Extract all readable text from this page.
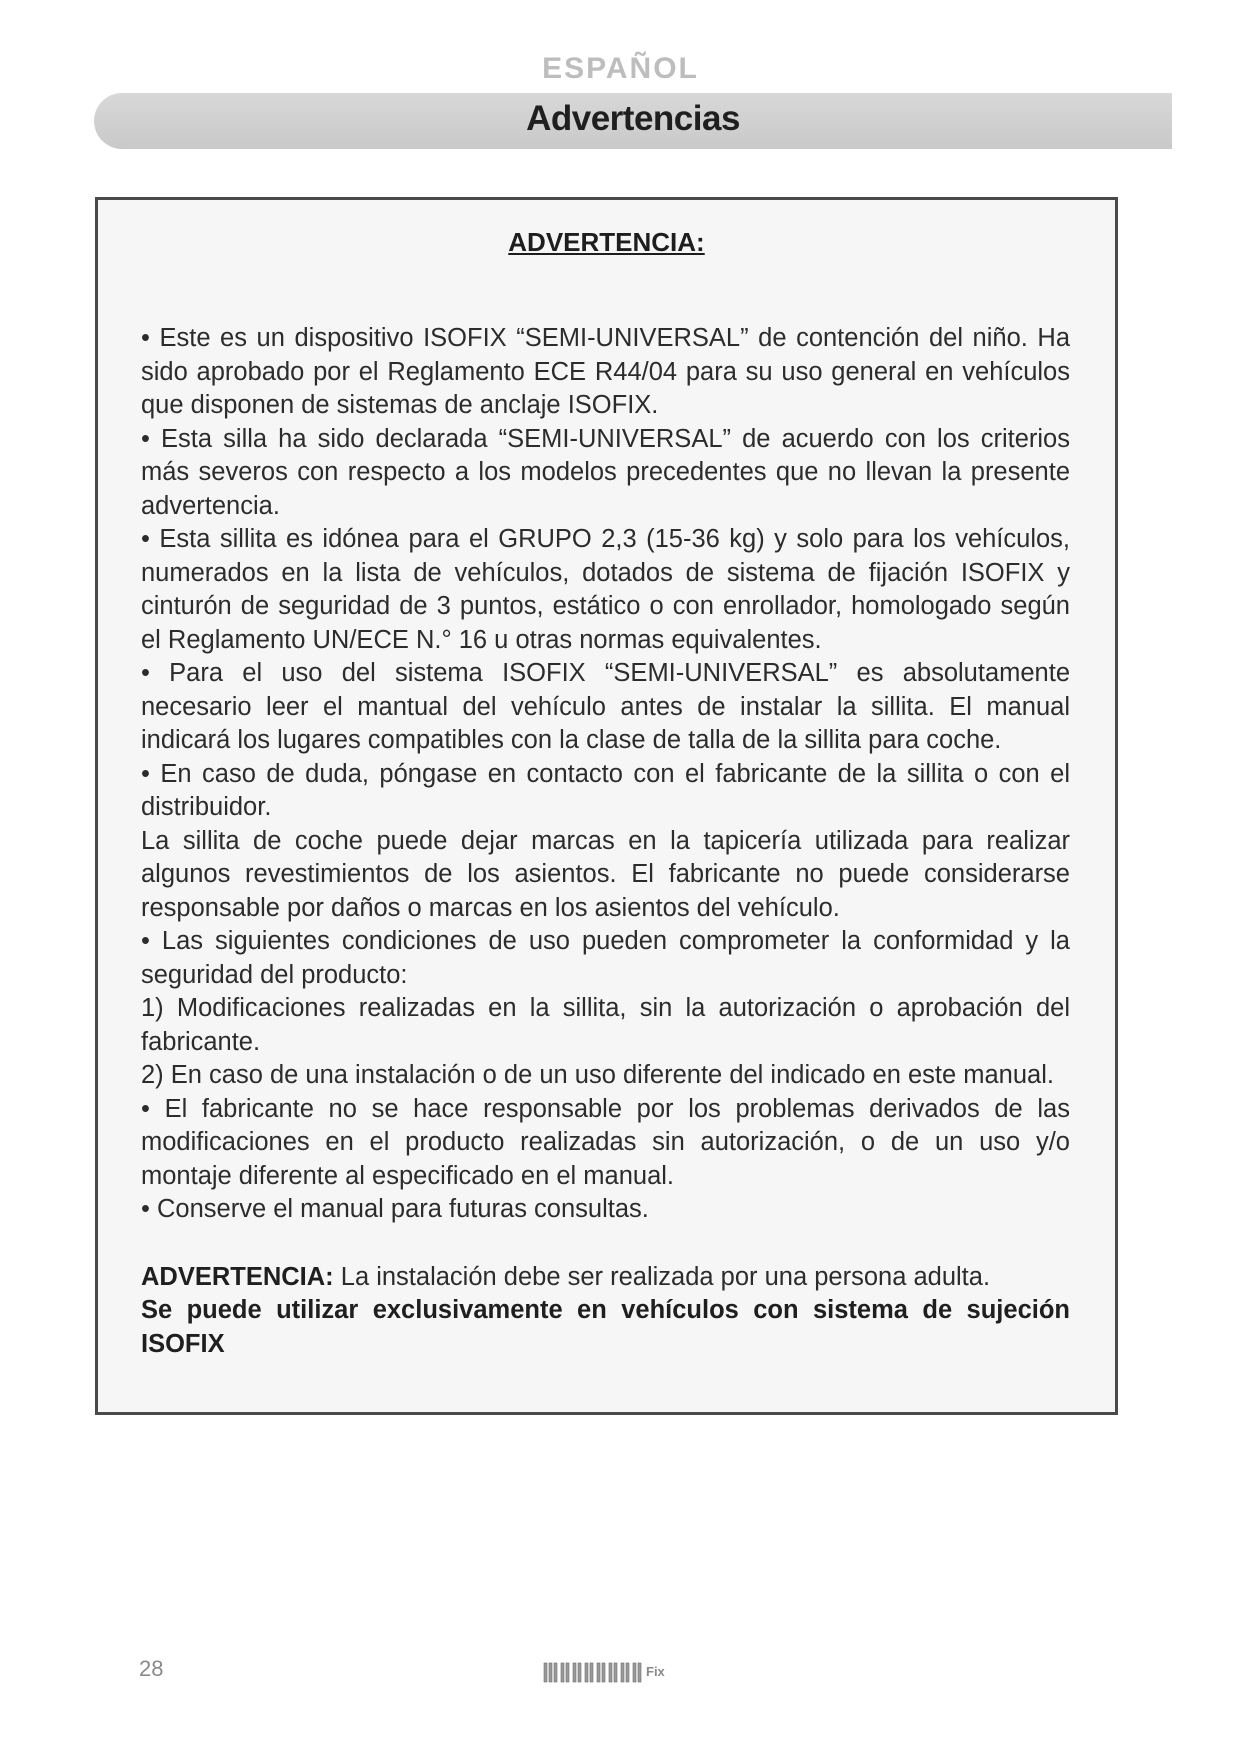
ESPAÑOL
Advertencias
ADVERTENCIA:

• Este es un dispositivo ISOFIX “SEMI-UNIVERSAL” de contención del niño. Ha sido aprobado por el Reglamento ECE R44/04 para su uso general en vehículos que disponen de sistemas de anclaje ISOFIX.

• Esta silla ha sido declarada “SEMI-UNIVERSAL” de acuerdo con los criterios más severos con respecto a los modelos precedentes que no llevan la presente advertencia.

• Esta sillita es idónea para el GRUPO 2,3 (15-36 kg) y solo para los vehículos, numerados en la lista de vehículos, dotados de sistema de fijación ISOFIX y cinturón de seguridad de 3 puntos, estático o con enrollador, homologado según el Reglamento UN/ECE N.° 16 u otras normas equivalentes.

• Para el uso del sistema ISOFIX “SEMI-UNIVERSAL” es absolutamente necesario leer el mantual del vehículo antes de instalar la sillita. El manual indicará los lugares compatibles con la clase de talla de la sillita para coche.

• En caso de duda, póngase en contacto con el fabricante de la sillita o con el distribuidor.

La sillita de coche puede dejar marcas en la tapicería utilizada para realizar algunos revestimientos de los asientos. El fabricante no puede considerarse responsable por daños o marcas en los asientos del vehículo.

• Las siguientes condiciones de uso pueden comprometer la conformidad y la seguridad del producto:

1) Modificaciones realizadas en la sillita, sin la autorización o aprobación del fabricante.

2) En caso de una instalación o de un uso diferente del indicado en este manual.

• El fabricante no se hace responsable por los problemas derivados de las modificaciones en el producto realizadas sin autorización, o de un uso y/o montaje diferente al especificado en el manual.

• Conserve el manual para futuras consultas.

ADVERTENCIA: La instalación debe ser realizada por una persona adulta.

Se puede utilizar exclusivamente en vehículos con sistema de sujeción ISOFIX

28	Fix
